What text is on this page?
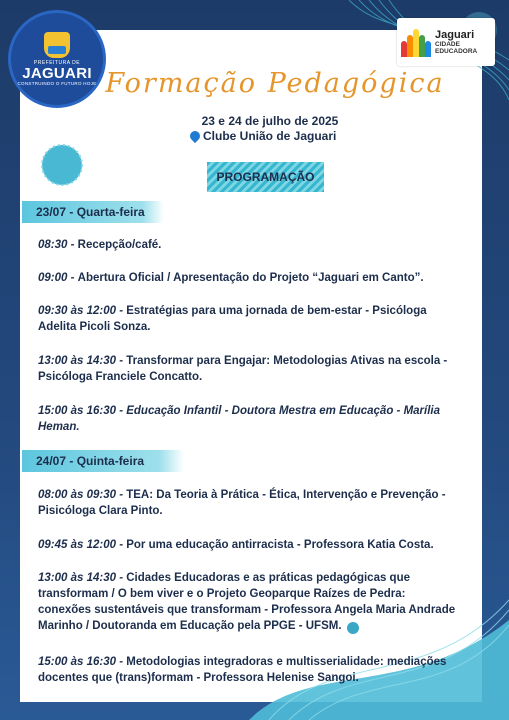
PREFEITURA DE
JAGUARI
CONSTRUINDO O FUTURO HOJE
Jaguari
CIDADE
EDUCADORA
Formação Pedagógica
23 e 24 de julho de 2025
Clube União de Jaguari
PROGRAMAÇÃO
23/07 - Quarta-feira
08:30 - Recepção/café.
09:00 - Abertura Oficial / Apresentação do Projeto “Jaguari em Canto”.
09:30 às 12:00 - Estratégias para uma jornada de bem-estar - Psicóloga
Adelita Picoli Sonza.
13:00 às 14:30 - Transformar para Engajar: Metodologias Ativas na escola -
Psicóloga Franciele Concatto.
15:00 às 16:30 - Educação Infantil - Doutora Mestra em Educação - Marília
Heman.
24/07 - Quinta-feira
08:00 às 09:30 - TEA: Da Teoria à Prática - Ética, Intervenção e Prevenção -
Pisicóloga Clara Pinto.
09:45 às 12:00 - Por uma educação antirracista - Professora Katia Costa.
13:00 às 14:30 - Cidades Educadoras e as práticas pedagógicas que
transformam / O bem viver e o Projeto Geoparque Raízes de Pedra:
conexões sustentáveis que transformam - Professora Angela Maria Andrade
Marinho / Doutoranda em Educação pela PPGE - UFSM.
15:00 às 16:30 - Metodologias integradoras e multisserialidade: mediações
docentes que (trans)formam - Professora Helenise Sangoi.
